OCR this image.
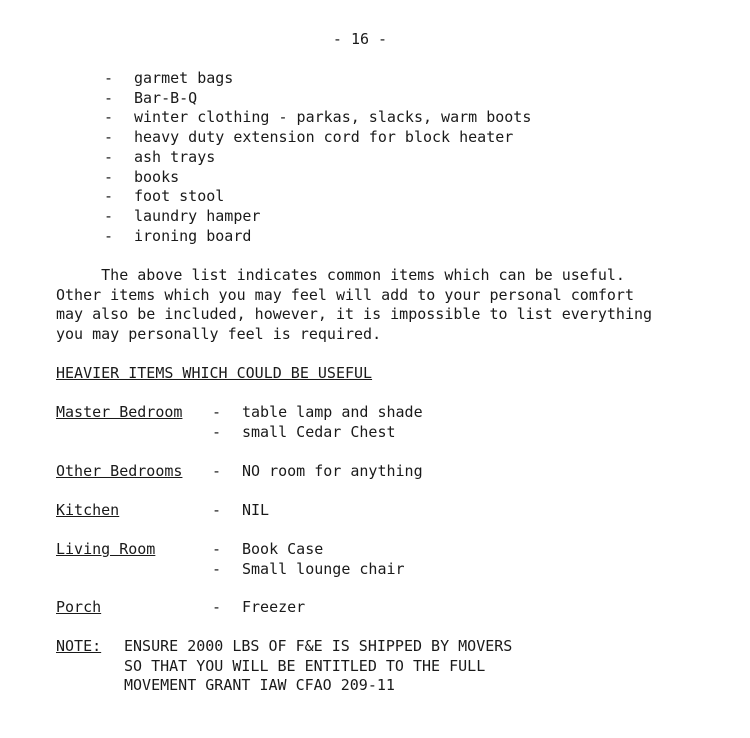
- 16 -
-	garmet bags
-	Bar-B-Q
-	winter clothing - parkas, slacks, warm boots
-	heavy duty extension cord for block heater
-	ash trays
-	books
-	foot stool
-	laundry hamper
-	ironing board
The above list indicates common items which can be useful.
Other items which you may feel will add to your personal comfort
may also be included, however, it is impossible to list everything
you may personally feel is required.
HEAVIER ITEMS WHICH COULD BE USEFUL
Master Bedroom - table lamp and shade
- small Cedar Chest
Other Bedrooms - NO room for anything
Kitchen	- NIL
Living Room	- Book Case
- Small lounge chair
Porch	- Freezer
NOTE: ENSURE 2000 LBS OF F&E IS SHIPPED BY MOVERS
SO THAT YOU WILL BE ENTITLED TO THE FULL
MOVEMENT GRANT IAW CFAO 209-11
